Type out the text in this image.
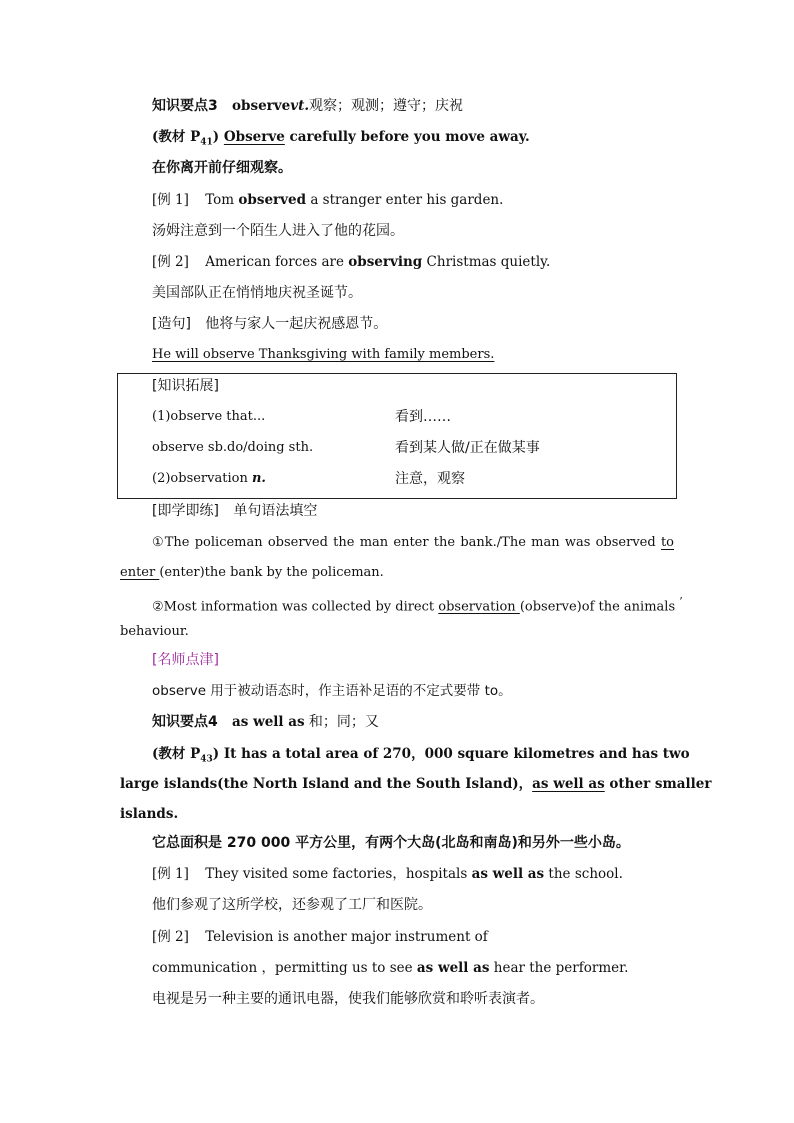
知识要点3 observevt.观察；观测；遵守；庆祝
(教材 $P_{41}$) Observe carefully before you move away.
在你离开前仔细观察。
[例 1] Tom observed a stranger enter his garden.
汤姆注意到一个陌生人进入了他的花园。
[例 2] American forces are observing Christmas quietly.
美国部队正在悄悄地庆祝圣诞节。
[造句] 他将与家人一起庆祝感恩节。
He will observe Thanksgiving with family members.
[知识拓展]
(1)observe that...	看到……
observe sb.do/doing sth.	看到某人做/正在做某事
(2)observation n.	注意，观察
[即学即练] 单句语法填空
①The policeman observed the man enter the bank./The man was observed to
enter (enter)the bank by the policeman.
②Most information was collected by direct observation (observe)of the animals ’
behaviour.
[名师点津]
observe 用于被动语态时，作主语补足语的不定式要带 to。
知识要点4 as well as 和；同；又
(教材 $P_{43}$) It has a total area of 270，000 square kilometres and has two
large islands(the North Island and the South Island)，as well as other smaller
islands.
它总面积是 270 000 平方公里，有两个大岛(北岛和南岛)和另外一些小岛。
[例 1] They visited some factories，hospitals as well as the school.
他们参观了这所学校，还参观了工厂和医院。
[例 2] Television is another major instrument of
communication ，permitting us to see as well as hear the performer.
电视是另一种主要的通讯电器，使我们能够欣赏和聆听表演者。
